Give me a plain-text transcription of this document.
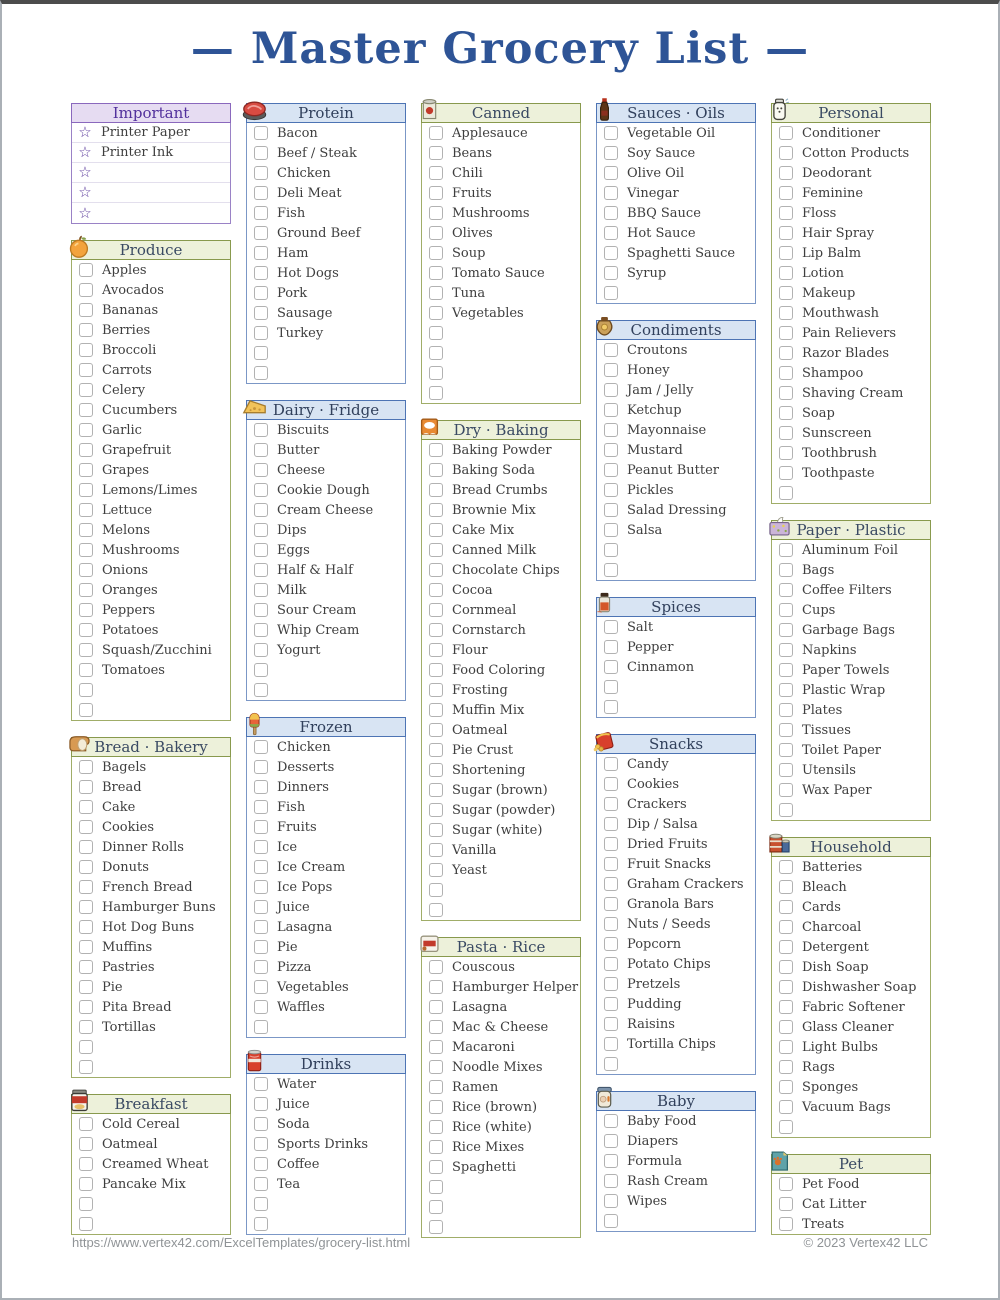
— Master Grocery List —
Important
☆ Printer Paper
☆ Printer Ink
☆
☆
☆
Produce
Apples
Avocados
Bananas
Berries
Broccoli
Carrots
Celery
Cucumbers
Garlic
Grapefruit
Grapes
Lemons/Limes
Lettuce
Melons
Mushrooms
Onions
Oranges
Peppers
Potatoes
Squash/Zucchini
Tomatoes
Bread · Bakery
Bagels
Bread
Cake
Cookies
Dinner Rolls
Donuts
French Bread
Hamburger Buns
Hot Dog Buns
Muffins
Pastries
Pie
Pita Bread
Tortillas
Breakfast
Cold Cereal
Oatmeal
Creamed Wheat
Pancake Mix
Protein
Bacon
Beef / Steak
Chicken
Deli Meat
Fish
Ground Beef
Ham
Hot Dogs
Pork
Sausage
Turkey
Dairy · Fridge
Biscuits
Butter
Cheese
Cookie Dough
Cream Cheese
Dips
Eggs
Half & Half
Milk
Sour Cream
Whip Cream
Yogurt
Frozen
Chicken
Desserts
Dinners
Fish
Fruits
Ice
Ice Cream
Ice Pops
Juice
Lasagna
Pie
Pizza
Vegetables
Waffles
Drinks
Water
Juice
Soda
Sports Drinks
Coffee
Tea
Canned
Applesauce
Beans
Chili
Fruits
Mushrooms
Olives
Soup
Tomato Sauce
Tuna
Vegetables
Dry · Baking
Baking Powder
Baking Soda
Bread Crumbs
Brownie Mix
Cake Mix
Canned Milk
Chocolate Chips
Cocoa
Cornmeal
Cornstarch
Flour
Food Coloring
Frosting
Muffin Mix
Oatmeal
Pie Crust
Shortening
Sugar (brown)
Sugar (powder)
Sugar (white)
Vanilla
Yeast
Pasta · Rice
Couscous
Hamburger Helper
Lasagna
Mac & Cheese
Macaroni
Noodle Mixes
Ramen
Rice (brown)
Rice (white)
Rice Mixes
Spaghetti
Sauces · Oils
Vegetable Oil
Soy Sauce
Olive Oil
Vinegar
BBQ Sauce
Hot Sauce
Spaghetti Sauce
Syrup
Condiments
Croutons
Honey
Jam / Jelly
Ketchup
Mayonnaise
Mustard
Peanut Butter
Pickles
Salad Dressing
Salsa
Spices
Salt
Pepper
Cinnamon
Snacks
Candy
Cookies
Crackers
Dip / Salsa
Dried Fruits
Fruit Snacks
Graham Crackers
Granola Bars
Nuts / Seeds
Popcorn
Potato Chips
Pretzels
Pudding
Raisins
Tortilla Chips
Baby
Baby Food
Diapers
Formula
Rash Cream
Wipes
Personal
Conditioner
Cotton Products
Deodorant
Feminine
Floss
Hair Spray
Lip Balm
Lotion
Makeup
Mouthwash
Pain Relievers
Razor Blades
Shampoo
Shaving Cream
Soap
Sunscreen
Toothbrush
Toothpaste
Paper · Plastic
Aluminum Foil
Bags
Coffee Filters
Cups
Garbage Bags
Napkins
Paper Towels
Plastic Wrap
Plates
Tissues
Toilet Paper
Utensils
Wax Paper
Household
Batteries
Bleach
Cards
Charcoal
Detergent
Dish Soap
Dishwasher Soap
Fabric Softener
Glass Cleaner
Light Bulbs
Rags
Sponges
Vacuum Bags
Pet
Pet Food
Cat Litter
Treats
https://www.vertex42.com/ExcelTemplates/grocery-list.html	© 2023 Vertex42 LLC
